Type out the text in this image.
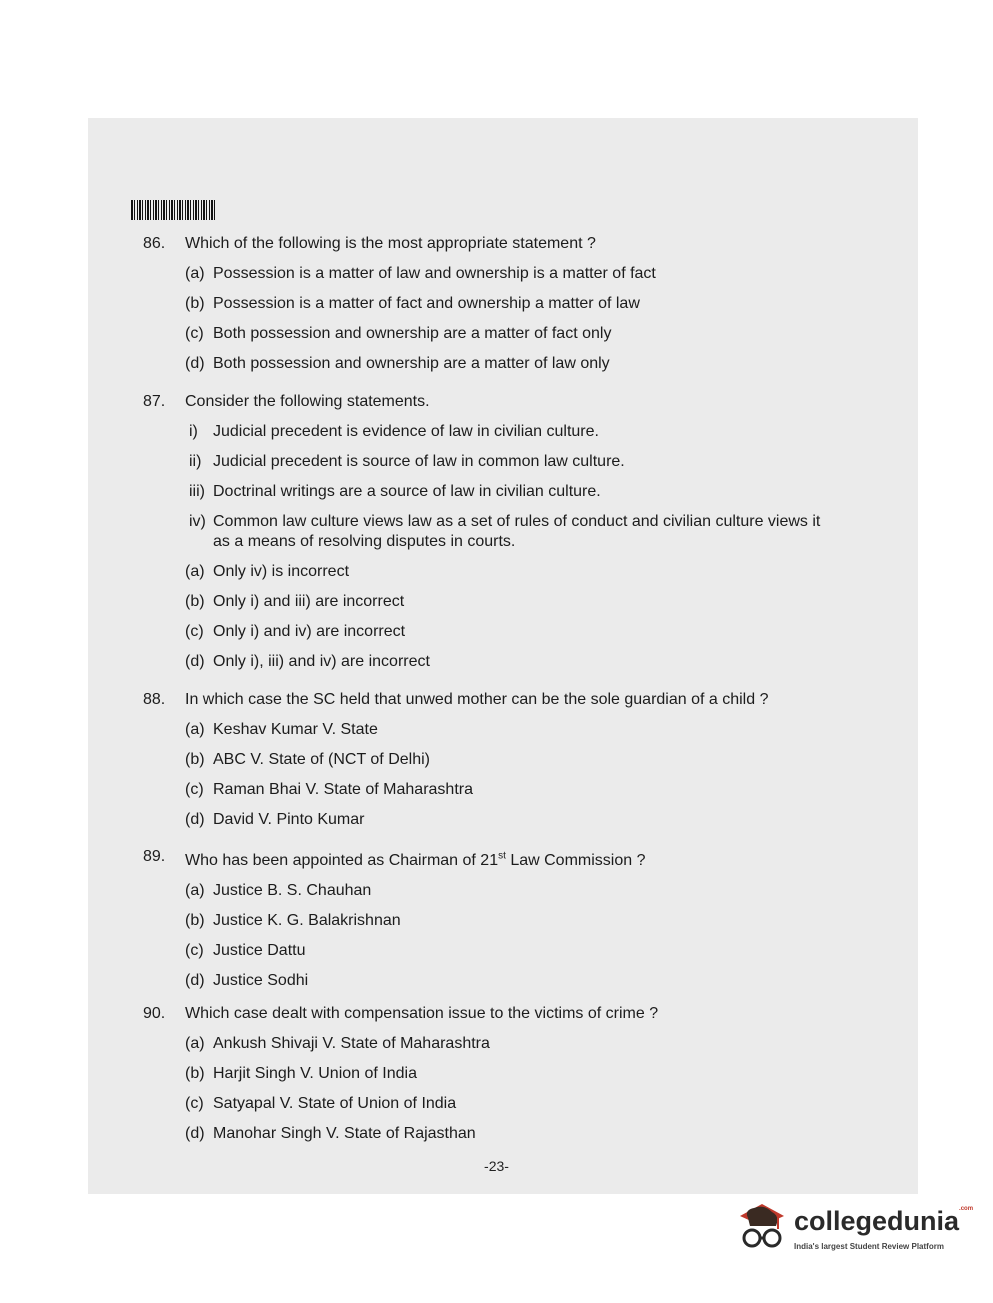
86. Which of the following is the most appropriate statement ?
(a) Possession is a matter of law and ownership is a matter of fact
(b) Possession is a matter of fact and ownership a matter of law
(c) Both possession and ownership are a matter of fact only
(d) Both possession and ownership are a matter of law only
87. Consider the following statements.
i) Judicial precedent is evidence of law in civilian culture.
ii) Judicial precedent is source of law in common law culture.
iii) Doctrinal writings are a source of law in civilian culture.
iv) Common law culture views law as a set of rules of conduct and civilian culture views it as a means of resolving disputes in courts.
(a) Only iv) is incorrect
(b) Only i) and iii) are incorrect
(c) Only i) and iv) are incorrect
(d) Only i), iii) and iv) are incorrect
88. In which case the SC held that unwed mother can be the sole guardian of a child ?
(a) Keshav Kumar V. State
(b) ABC V. State of (NCT of Delhi)
(c) Raman Bhai V. State of Maharashtra
(d) David V. Pinto Kumar
89. Who has been appointed as Chairman of 21st Law Commission ?
(a) Justice B. S. Chauhan
(b) Justice K. G. Balakrishnan
(c) Justice Dattu
(d) Justice Sodhi
90. Which case dealt with compensation issue to the victims of crime ?
(a) Ankush Shivaji V. State of Maharashtra
(b) Harjit Singh V. Union of India
(c) Satyapal V. State of Union of India
(d) Manohar Singh V. State of Rajasthan
-23-
collegedunia$^{.com}$
India's largest Student Review Platform
